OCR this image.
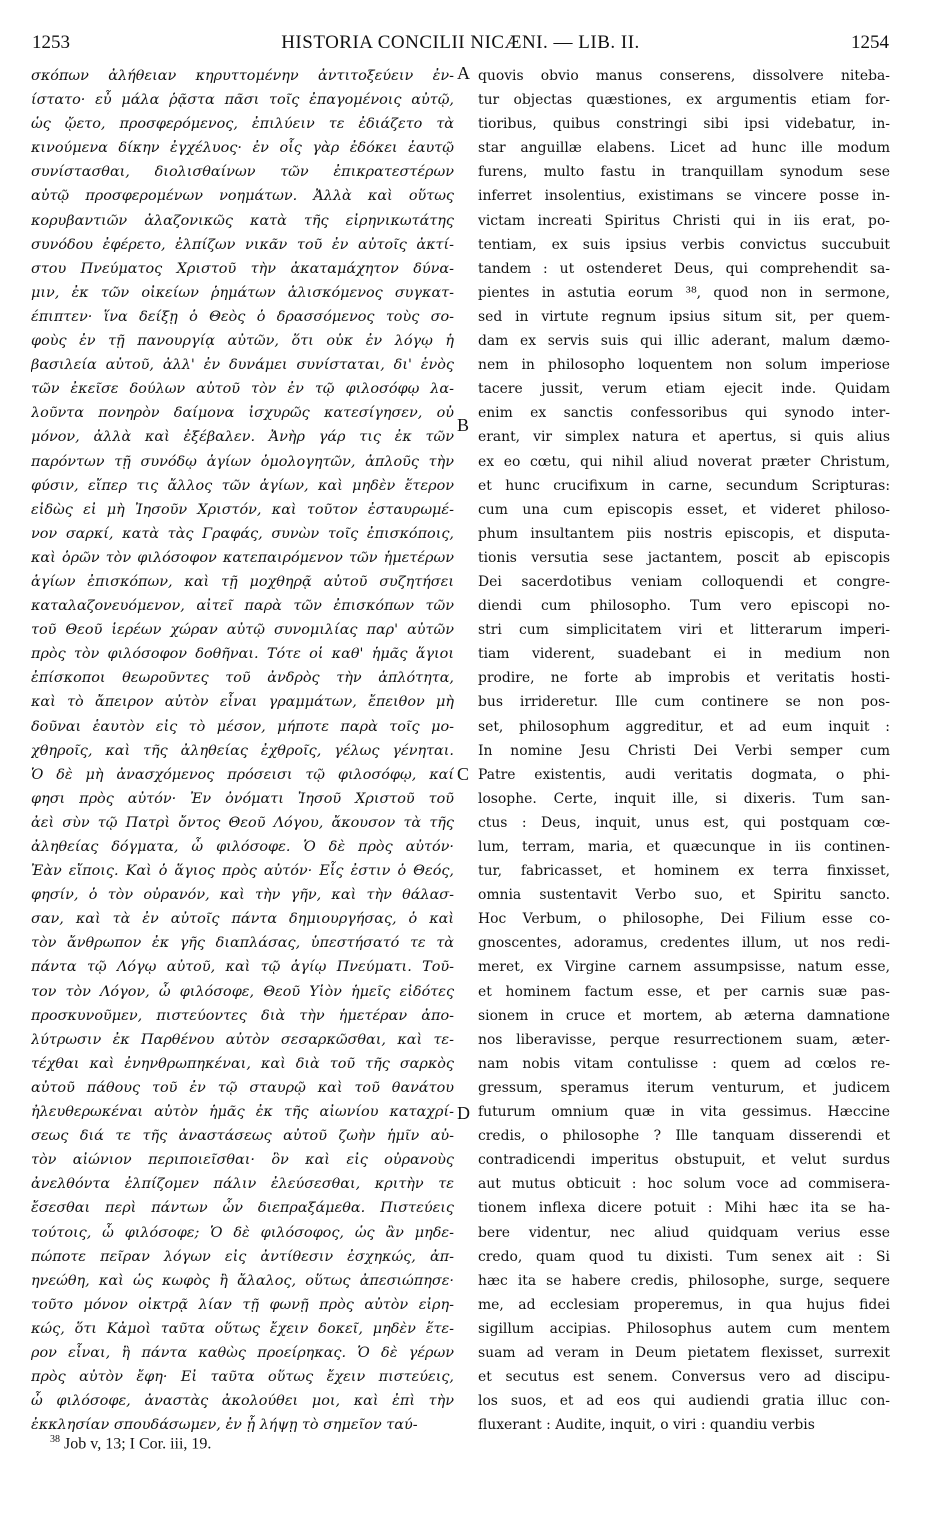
1253	HISTORIA CONCILII NICÆNI. — LIB. II.	1254
σκόπων ἀλήθειαν κηρυττομένην ἀντιτοξεύειν ἐν-
ίστατο· εὖ μάλα ῥᾷστα πᾶσι τοῖς ἐπαγομένοις αὐτῷ,
ὡς ᾤετο, προσφερόμενος, ἐπιλύειν τε ἐδιάζετο τὰ
κινούμενα δίκην ἐγχέλυος· ἐν οἷς γὰρ ἐδόκει ἑαυτῷ
συνίστασθαι, διολισθαίνων τῶν ἐπικρατεστέρων
αὐτῷ προσφερομένων νοημάτων. Ἀλλὰ καὶ οὕτως
κορυβαντιῶν ἀλαζονικῶς κατὰ τῆς εἰρηνικωτάτης
συνόδου ἐφέρετο, ἐλπίζων νικᾶν τοῦ ἐν αὐτοῖς ἀκτί-
στου Πνεύματος Χριστοῦ τὴν ἀκαταμάχητον δύνα-
μιν, ἐκ τῶν οἰκείων ῥημάτων ἁλισκόμενος συγκατ-
έπιπτεν· ἵνα δείξῃ ὁ Θεὸς ὁ δρασσόμενος τοὺς σο-
φοὺς ἐν τῇ πανουργίᾳ αὐτῶν, ὅτι οὐκ ἐν λόγῳ ἡ
βασιλεία αὐτοῦ, ἀλλ' ἐν δυνάμει συνίσταται, δι' ἑνὸς
τῶν ἐκεῖσε δούλων αὐτοῦ τὸν ἐν τῷ φιλοσόφῳ λα-
λοῦντα πονηρὸν δαίμονα ἰσχυρῶς κατεσίγησεν, οὐ
μόνον, ἀλλὰ καὶ ἐξέβαλεν. Ἀνὴρ γάρ τις ἐκ τῶν
παρόντων τῇ συνόδῳ ἁγίων ὁμολογητῶν, ἁπλοῦς τὴν
φύσιν, εἴπερ τις ἄλλος τῶν ἁγίων, καὶ μηδὲν ἕτερον
εἰδὼς εἰ μὴ Ἰησοῦν Χριστόν, καὶ τοῦτον ἐσταυρωμέ-
νον σαρκί, κατὰ τὰς Γραφάς, συνὼν τοῖς ἐπισκόποις,
καὶ ὁρῶν τὸν φιλόσοφον κατεπαιρόμενον τῶν ἡμετέρων
ἁγίων ἐπισκόπων, καὶ τῇ μοχθηρᾷ αὐτοῦ συζητήσει
καταλαζονευόμενον, αἰτεῖ παρὰ τῶν ἐπισκόπων τῶν
τοῦ Θεοῦ ἱερέων χώραν αὐτῷ συνομιλίας παρ' αὐτῶν
πρὸς τὸν φιλόσοφον δοθῆναι. Τότε οἱ καθ' ἡμᾶς ἅγιοι
ἐπίσκοποι θεωροῦντες τοῦ ἀνδρὸς τὴν ἁπλότητα,
καὶ τὸ ἄπειρον αὐτὸν εἶναι γραμμάτων, ἔπειθον μὴ
δοῦναι ἑαυτὸν εἰς τὸ μέσον, μήποτε παρὰ τοῖς μο-
χθηροῖς, καὶ τῆς ἀληθείας ἐχθροῖς, γέλως γένηται.
Ὁ δὲ μὴ ἀνασχόμενος πρόσεισι τῷ φιλοσόφῳ, καί
φησι πρὸς αὐτόν· Ἐν ὀνόματι Ἰησοῦ Χριστοῦ τοῦ
ἀεὶ σὺν τῷ Πατρὶ ὄντος Θεοῦ Λόγου, ἄκουσον τὰ τῆς
ἀληθείας δόγματα, ὦ φιλόσοφε. Ὁ δὲ πρὸς αὐτόν·
Ἐὰν εἴποις. Καὶ ὁ ἅγιος πρὸς αὐτόν· Εἷς ἐστιν ὁ Θεός,
φησίν, ὁ τὸν οὐρανόν, καὶ τὴν γῆν, καὶ τὴν θάλασ-
σαν, καὶ τὰ ἐν αὐτοῖς πάντα δημιουργήσας, ὁ καὶ
τὸν ἄνθρωπον ἐκ γῆς διαπλάσας, ὑπεστήσατό τε τὰ
πάντα τῷ Λόγῳ αὐτοῦ, καὶ τῷ ἁγίῳ Πνεύματι. Τοῦ-
τον τὸν Λόγον, ὦ φιλόσοφε, Θεοῦ Υἱὸν ἡμεῖς εἰδότες
προσκυνοῦμεν, πιστεύοντες διὰ τὴν ἡμετέραν ἀπο-
λύτρωσιν ἐκ Παρθένου αὐτὸν σεσαρκῶσθαι, καὶ τε-
τέχθαι καὶ ἐνηνθρωπηκέναι, καὶ διὰ τοῦ τῆς σαρκὸς
αὐτοῦ πάθους τοῦ ἐν τῷ σταυρῷ καὶ τοῦ θανάτου
ἠλευθερωκέναι αὐτὸν ἡμᾶς ἐκ τῆς αἰωνίου καταχρί-
σεως διά τε τῆς ἀναστάσεως αὐτοῦ ζωὴν ἡμῖν αὐ-
τὸν αἰώνιον περιποιεῖσθαι· ὃν καὶ εἰς οὐρανοὺς
ἀνελθόντα ἐλπίζομεν πάλιν ἐλεύσεσθαι, κριτὴν τε
ἔσεσθαι περὶ πάντων ὧν διεπραξάμεθα. Πιστεύεις
τούτοις, ὦ φιλόσοφε; Ὁ δὲ φιλόσοφος, ὡς ἂν μηδε-
πώποτε πεῖραν λόγων εἰς ἀντίθεσιν ἐσχηκώς, ἀπ-
ηνεώθη, καὶ ὡς κωφὸς ἢ ἄλαλος, οὕτως ἀπεσιώπησε·
τοῦτο μόνον οἰκτρᾷ λίαν τῇ φωνῇ πρὸς αὐτὸν εἰρη-
κώς, ὅτι Κἀμοὶ ταῦτα οὕτως ἔχειν δοκεῖ, μηδὲν ἕτε-
ρον εἶναι, ἢ πάντα καθὼς προείρηκας. Ὁ δὲ γέρων
πρὸς αὐτὸν ἔφη· Εἰ ταῦτα οὕτως ἔχειν πιστεύεις,
ὦ φιλόσοφε, ἀναστὰς ἀκολούθει μοι, καὶ ἐπὶ τὴν
ἐκκλησίαν σπουδάσωμεν, ἐν ᾗ λήψῃ τὸ σημεῖον ταύ-
quovis obvio manus conserens, dissolvere niteba-
tur objectas quæstiones, ex argumentis etiam for-
tioribus, quibus constringi sibi ipsi videbatur, in-
star anguillæ elabens. Licet ad hunc ille modum
furens, multo fastu in tranquillam synodum sese
inferret insolentius, existimans se vincere posse in-
victam increati Spiritus Christi qui in iis erat, po-
tentiam, ex suis ipsius verbis convictus succubuit
tandem : ut ostenderet Deus, qui comprehendit sa-
pientes in astutia eorum ³⁸, quod non in sermone,
sed in virtute regnum ipsius situm sit, per quem-
dam ex servis suis qui illic aderant, malum dæmo-
nem in philosopho loquentem non solum imperiose
tacere jussit, verum etiam ejecit inde. Quidam
enim ex sanctis confessoribus qui synodo inter-
erant, vir simplex natura et apertus, si quis alius
ex eo cœtu, qui nihil aliud noverat præter Christum,
et hunc crucifixum in carne, secundum Scripturas:
cum una cum episcopis esset, et videret philoso-
phum insultantem piis nostris episcopis, et disputa-
tionis versutia sese jactantem, poscit ab episcopis
Dei sacerdotibus veniam colloquendi et congre-
diendi cum philosopho. Tum vero episcopi no-
stri cum simplicitatem viri et litterarum imperi-
tiam viderent, suadebant ei in medium non
prodire, ne forte ab improbis et veritatis hosti-
bus irrideretur. Ille cum continere se non pos-
set, philosophum aggreditur, et ad eum inquit :
In nomine Jesu Christi Dei Verbi semper cum
Patre existentis, audi veritatis dogmata, o phi-
losophe. Certe, inquit ille, si dixeris. Tum san-
ctus : Deus, inquit, unus est, qui postquam cœ-
lum, terram, maria, et quæcunque in iis continen-
tur, fabricasset, et hominem ex terra finxisset,
omnia sustentavit Verbo suo, et Spiritu sancto.
Hoc Verbum, o philosophe, Dei Filium esse co-
gnoscentes, adoramus, credentes illum, ut nos redi-
meret, ex Virgine carnem assumpsisse, natum esse,
et hominem factum esse, et per carnis suæ pas-
sionem in cruce et mortem, ab æterna damnatione
nos liberavisse, perque resurrectionem suam, æter-
nam nobis vitam contulisse : quem ad cœlos re-
gressum, speramus iterum venturum, et judicem
futurum omnium quæ in vita gessimus. Hæccine
credis, o philosophe ? Ille tanquam disserendi et
contradicendi imperitus obstupuit, et velut surdus
aut mutus obticuit : hoc solum voce ad commisera-
tionem inflexa dicere potuit : Mihi hæc ita se ha-
bere videntur, nec aliud quidquam verius esse
credo, quam quod tu dixisti. Tum senex ait : Si
hæc ita se habere credis, philosophe, surge, sequere
me, ad ecclesiam properemus, in qua hujus fidei
sigillum accipias. Philosophus autem cum mentem
suam ad veram in Deum pietatem flexisset, surrexit
et secutus est senem. Conversus vero ad discipu-
los suos, et ad eos qui audiendi gratia illuc con-
fluxerant : Audite, inquit, o viri : quandiu verbis
A
B
C
D
$^{38}$ Job v, 13; I Cor. iii, 19.
